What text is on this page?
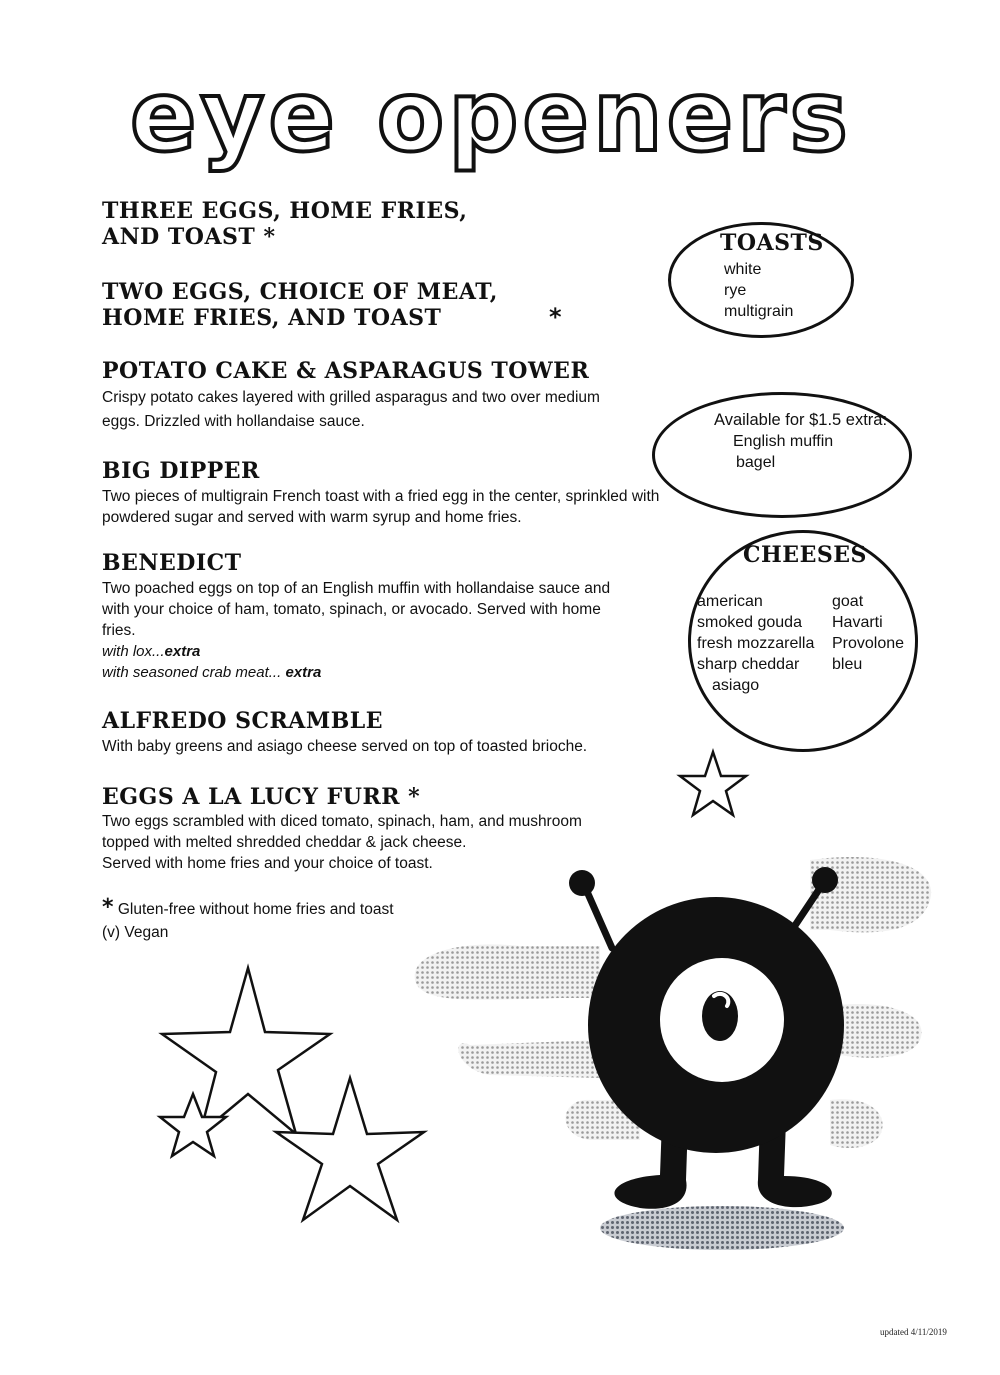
eye openers
THREE EGGS, HOME FRIES,
AND TOAST *
TWO EGGS, CHOICE OF MEAT,
HOME FRIES, AND TOAST	*
POTATO CAKE & ASPARAGUS TOWER

Crispy potato cakes layered with grilled asparagus and two over medium eggs. Drizzled with hollandaise sauce.

BIG DIPPER

Two pieces of multigrain French toast with a fried egg in the center, sprinkled with powdered sugar and served with warm syrup and home fries.

BENEDICT

Two poached eggs on top of an English muffin with hollandaise sauce and with your choice of ham, tomato, spinach, or avocado. Served with home fries.

with lox...extra
with seasoned crab meat... extra
ALFREDO SCRAMBLE

With baby greens and asiago cheese served on top of toasted brioche.

EGGS A LA LUCY FURR *

Two eggs scrambled with diced tomato, spinach, ham, and mushroom topped with melted shredded cheddar & jack cheese.
Served with home fries and your choice of toast.

* Gluten-free without home fries and toast
(v) Vegan
TOASTS
white
rye
multigrain
Available for $1.5 extra:
English muffin
bagel
CHEESES
american
smoked gouda
fresh mozzarella
sharp cheddar
asiago
goat
Havarti
Provolone
bleu
updated 4/11/2019
